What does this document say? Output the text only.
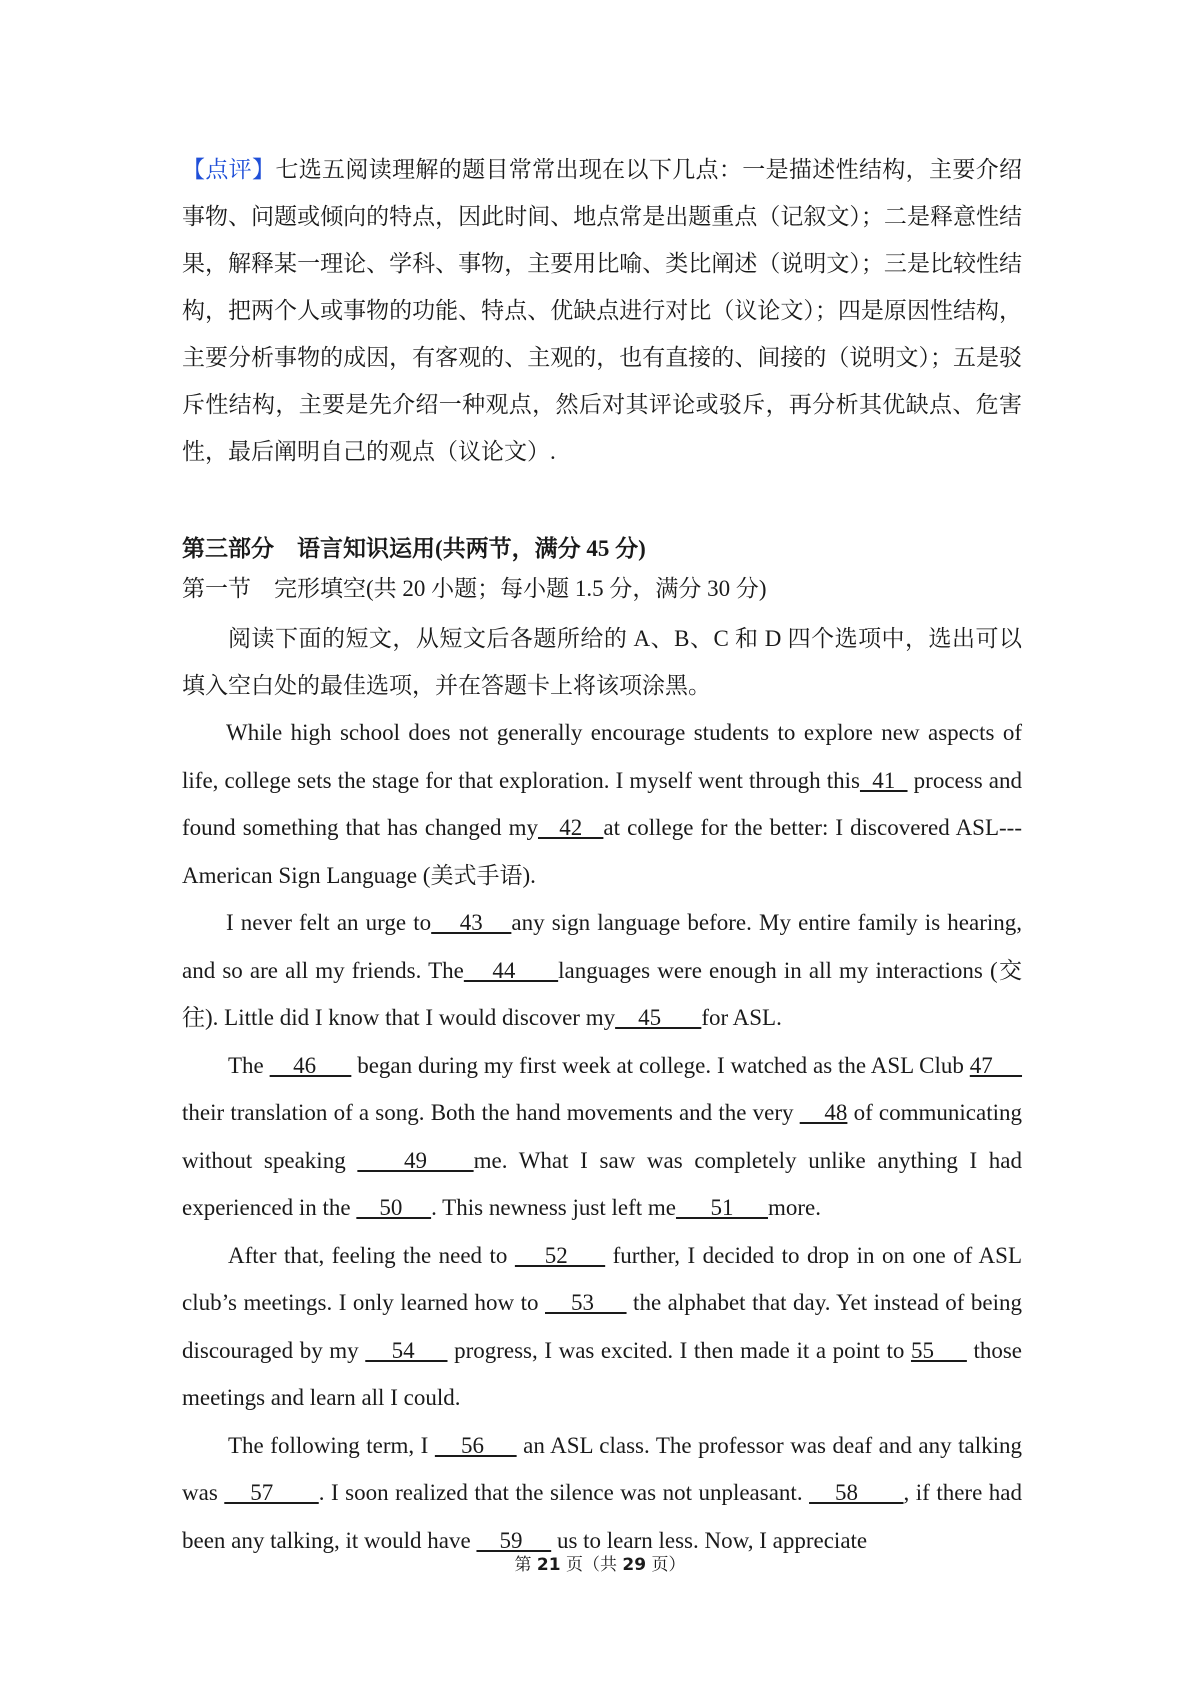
【点评】七选五阅读理解的题目常常出现在以下几点：一是描述性结构，主要介绍事物、问题或倾向的特点，因此时间、地点常是出题重点（记叙文）；二是释意性结果，解释某一理论、学科、事物，主要用比喻、类比阐述（说明文）；三是比较性结构，把两个人或事物的功能、特点、优缺点进行对比（议论文）；四是原因性结构，主要分析事物的成因，有客观的、主观的，也有直接的、间接的（说明文）；五是驳斥性结构，主要是先介绍一种观点，然后对其评论或驳斥，再分析其优缺点、危害性，最后阐明自己的观点（议论文）.

第三部分　语言知识运用(共两节，满分 45 分)

第一节　完形填空(共 20 小题；每小题 1.5 分，满分 30 分)

阅读下面的短文，从短文后各题所给的 A、B、C 和 D 四个选项中，选出可以填入空白处的最佳选项，并在答题卡上将该项涂黑。

While high school does not generally encourage students to explore new aspects of life, college sets the stage for that exploration. I myself went through this  41   process and found something that has changed my   42   at college for the better: I discovered ASL---American Sign Language (美式手语).

I never felt an urge to    43    any sign language before. My entire family is hearing, and so are all my friends. The    44      languages were enough in all my interactions (交往). Little did I know that I would discover my    45       for ASL.

The     46       began during my first week at college. I watched as the ASL Club 47      their translation of a song. Both the hand movements and the very     48 of communicating without speaking     49    me. What I saw was completely unlike anything I had experienced in the     50     . This newness just left me      51      more.

After that, feeling the need to     52      further, I decided to drop in on one of ASL club’s meetings. I only learned how to     53      the alphabet that day. Yet instead of being discouraged by my     54      progress, I was excited. I then made it a point to 55      those meetings and learn all I could.

The following term, I     56      an ASL class. The professor was deaf and any talking was     57       . I soon realized that the silence was not unpleasant.     58       , if there had been any talking, it would have     59      us to learn less. Now, I appreciate

第 21 页（共 29 页）
